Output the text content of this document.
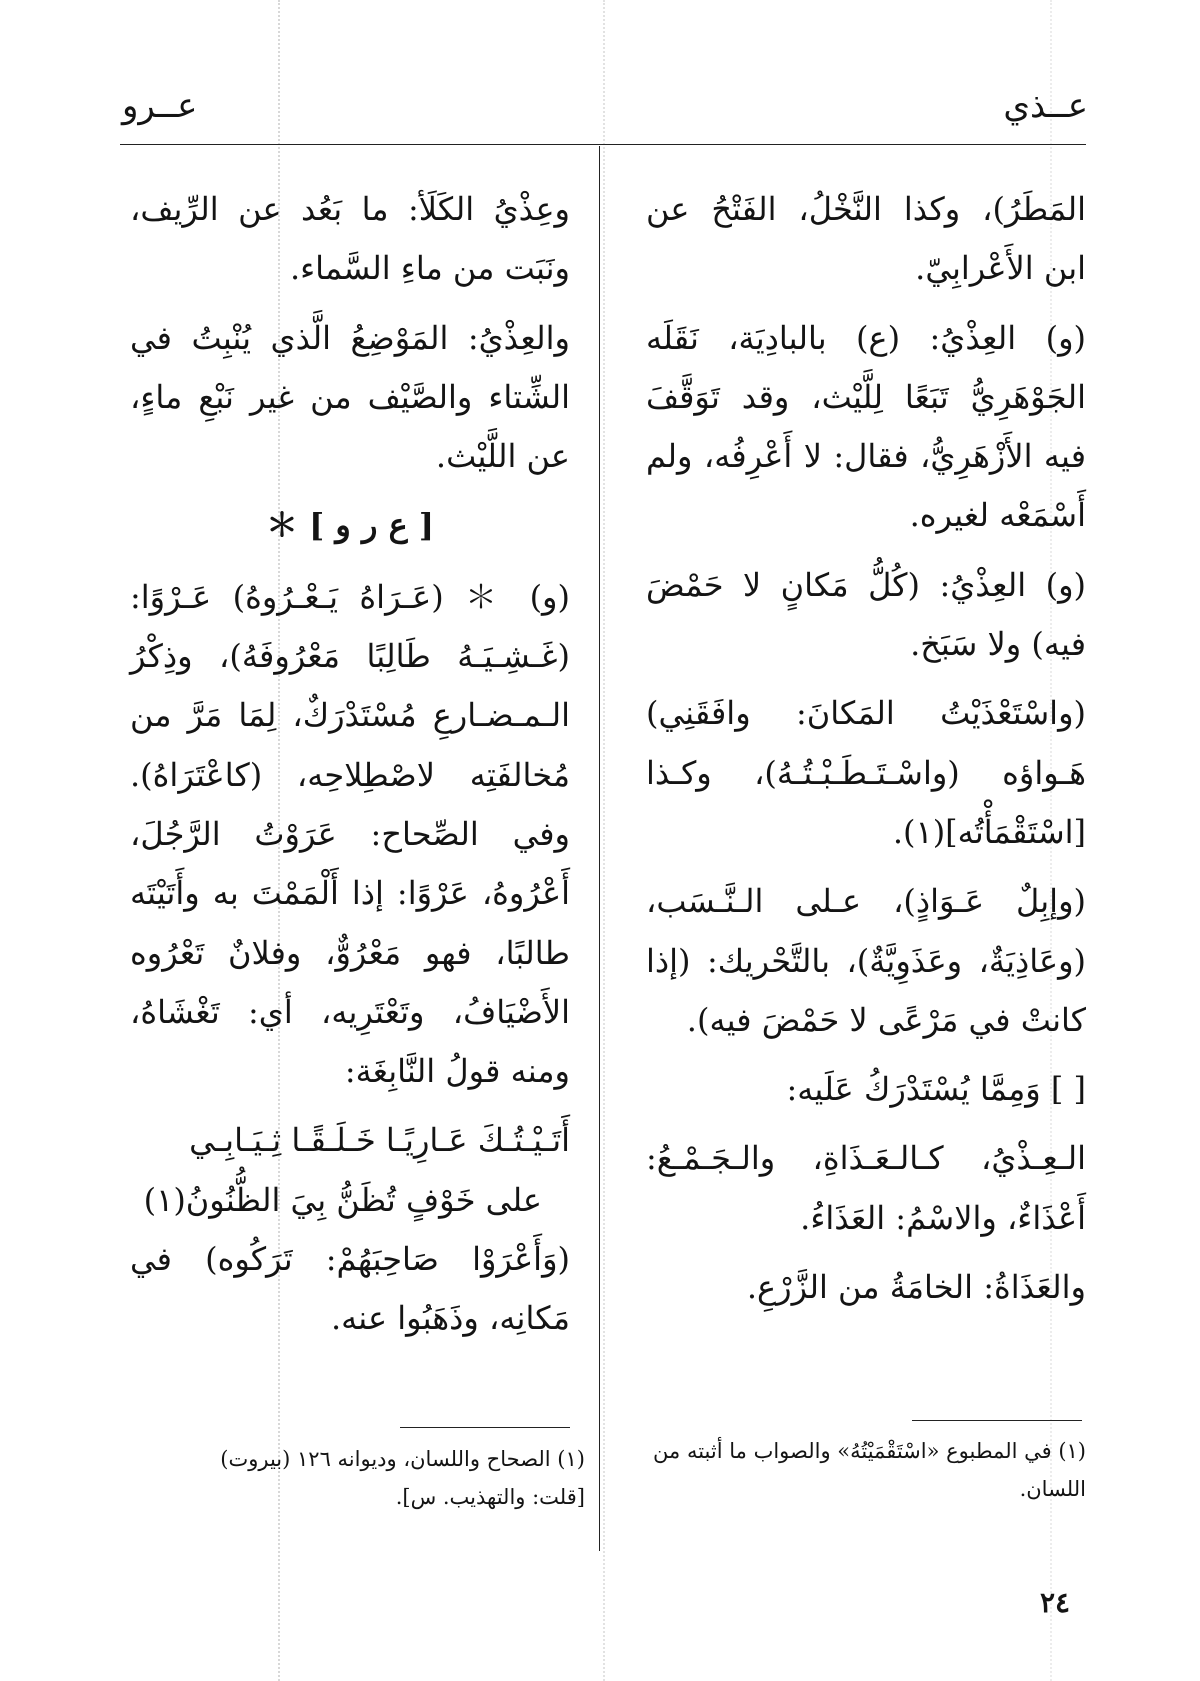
عــذي
عــرو

المَطَرُ)، وكذا النَّخْلُ، الفَتْحُ عن ابن الأَعْرابِيّ.

(و) العِذْيُ: (ع) بالبادِيَة، نَقَلَه الجَوْهَرِيُّ تَبَعًا لِلَّيْث، وقد تَوَقَّفَ فيه الأَزْهَرِيُّ، فقال: لا أَعْرِفُه، ولم أَسْمَعْه لغيره.

(و) العِذْيُ: (كُلُّ مَكانٍ لا حَمْضَ فيه) ولا سَبَخ.

(واسْتَعْذَيْتُ المَكانَ: وافَقَنِي) هَـواؤه (واسْـتَـطَـبْـتُـهُ)، وكـذا [اسْتَقْمَأْتُه](١).

(وإبِلٌ عَـوَاذٍ)، عـلى الـنَّـسَب، (وعَاذِيَةٌ، وعَذَوِيَّةٌ)، بالتَّحْريك: (إذا كانتْ في مَرْعًى لا حَمْضَ فيه).

[ ] وَمِمَّا يُسْتَدْرَكُ عَلَيه:

الـعِـذْيُ، كـالـعَـذَاةِ، والـجَـمْـعُ: أَعْذَاءٌ، والاسْمُ: العَذَاءُ.

والعَذَاةُ: الخامَةُ من الزَّرْعِ.

وعِذْيُ الكَلَأ: ما بَعُد عن الرِّيف، ونَبَت من ماءِ السَّماء.

والعِذْيُ: المَوْضِعُ الَّذي يُنْبِتُ في الشِّتاء والصَّيْف من غير نَبْعِ ماءٍ، عن اللَّيْث.

[ ع ر و ] ＊

(و) ＊ (عَـرَاهُ يَـعْـرُوهُ) عَـرْوًا: (غَـشِـيَـهُ طَالِبًا مَعْرُوفَهُ)، وذِكْرُ الـمـضـارعِ مُسْتَدْرَكٌ، لِمَا مَرَّ من مُخالفَتِه لاصْطِلاحِه، (كاعْتَرَاهُ). وفي الصِّحاح: عَرَوْتُ الرَّجُلَ، أَعْرُوهُ، عَرْوًا: إذا أَلْمَمْتَ به وأَتَيْتَه طالبًا، فهو مَعْرُوٌّ، وفلانٌ تَعْرُوه الأَضْيَافُ، وتَعْتَرِيه، أي: تَغْشَاهُ، ومنه قولُ النَّابِغَة:

أَتَـيْـتُـكَ عَـارِيًـا خَـلَـقًـا ثِـيَـابِـي

على خَوْفٍ تُظَنُّ بِيَ الظُّنُونُ(١)

(وَأَعْرَوْا صَاحِبَهُمْ: تَرَكُوه) في مَكانِه، وذَهَبُوا عنه.

(١) في المطبوع «اسْتَقْمَيْتُهُ» والصواب ما أثبته من اللسان.
(١) الصحاح واللسان، وديوانه ١٢٦ (بيروت)
[قلت: والتهذيب. س].
٢٤
